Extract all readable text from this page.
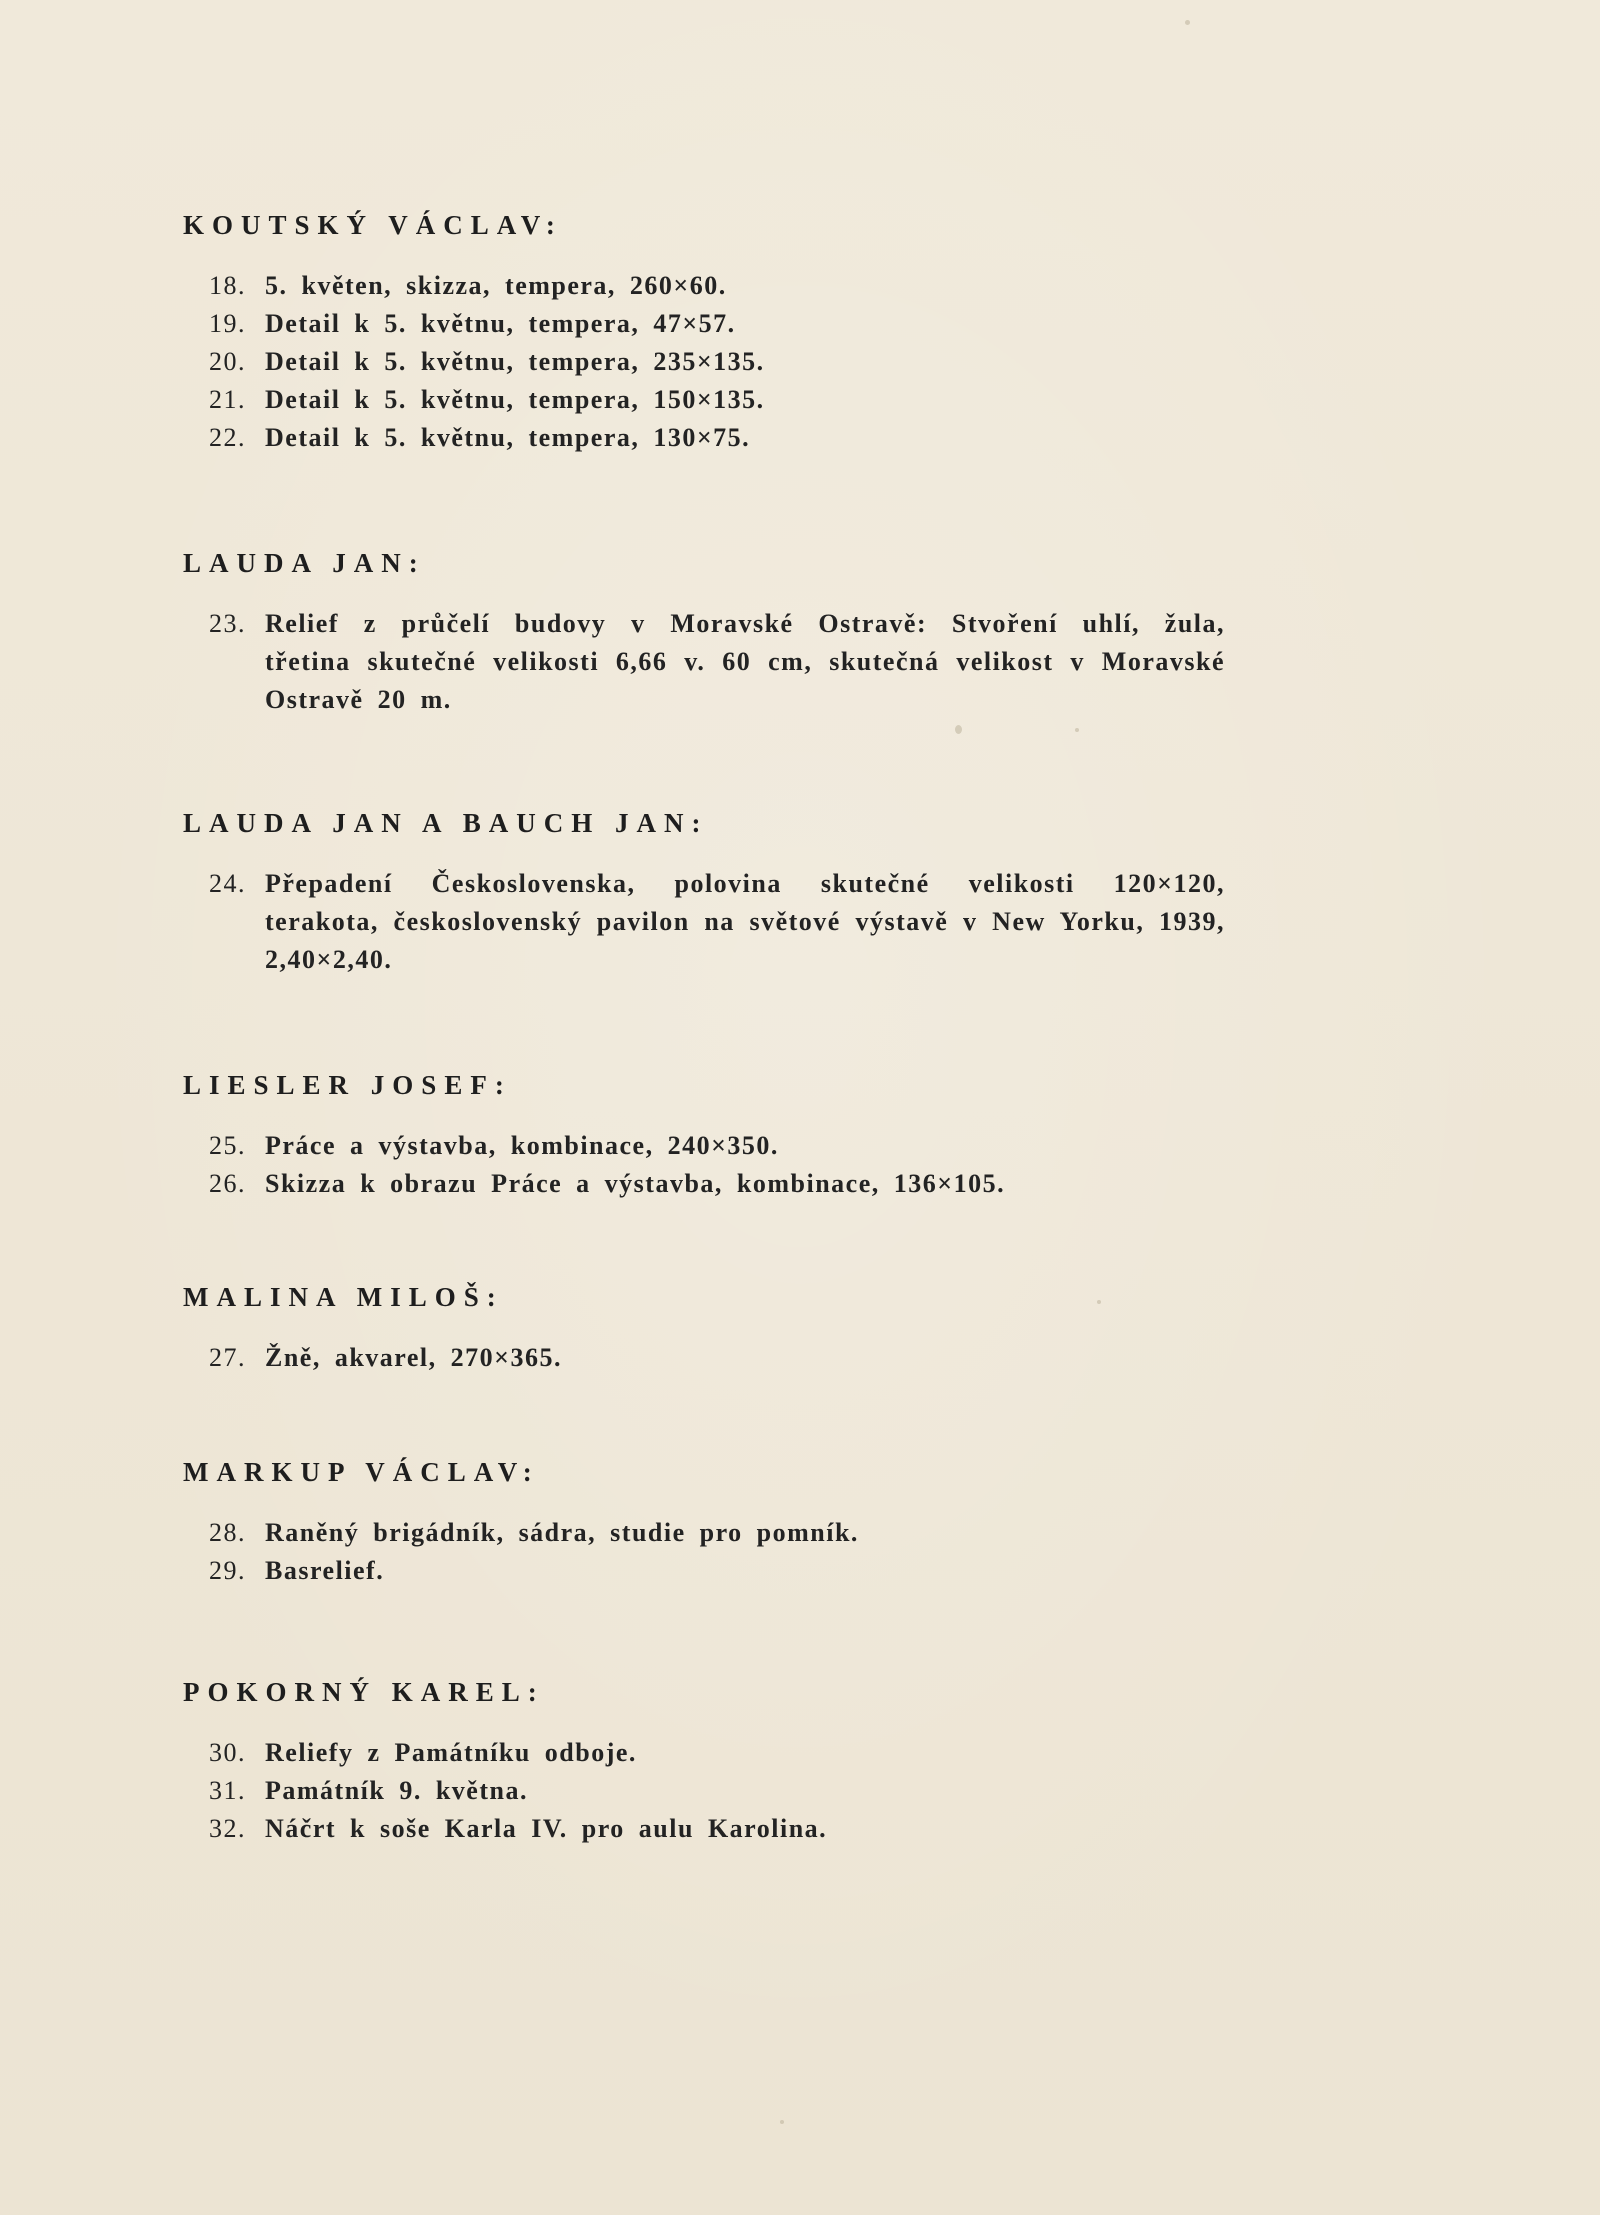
KOUTSKÝ VÁCLAV:
18. 5. květen, skizza, tempera, 260×60.
19. Detail k 5. květnu, tempera, 47×57.
20. Detail k 5. květnu, tempera, 235×135.
21. Detail k 5. květnu, tempera, 150×135.
22. Detail k 5. květnu, tempera, 130×75.
LAUDA JAN:
23. Relief z průčelí budovy v Moravské Ostravě: Stvoření uhlí, žula, třetina skutečné velikosti 6,66 v. 60 cm, skutečná velikost v Moravské Ostravě 20 m.
LAUDA JAN A BAUCH JAN:
24. Přepadení Československa, polovina skutečné velikosti 120×120, terakota, československý pavilon na světové výstavě v New Yorku, 1939, 2,40×2,40.
LIESLER JOSEF:
25. Práce a výstavba, kombinace, 240×350.
26. Skizza k obrazu Práce a výstavba, kombinace, 136×105.
MALINA MILOŠ:
27. Žně, akvarel, 270×365.
MARKUP VÁCLAV:
28. Raněný brigádník, sádra, studie pro pomník.
29. Basrelief.
POKORNÝ KAREL:
30. Reliefy z Památníku odboje.
31. Památník 9. května.
32. Náčrt k soše Karla IV. pro aulu Karolina.
